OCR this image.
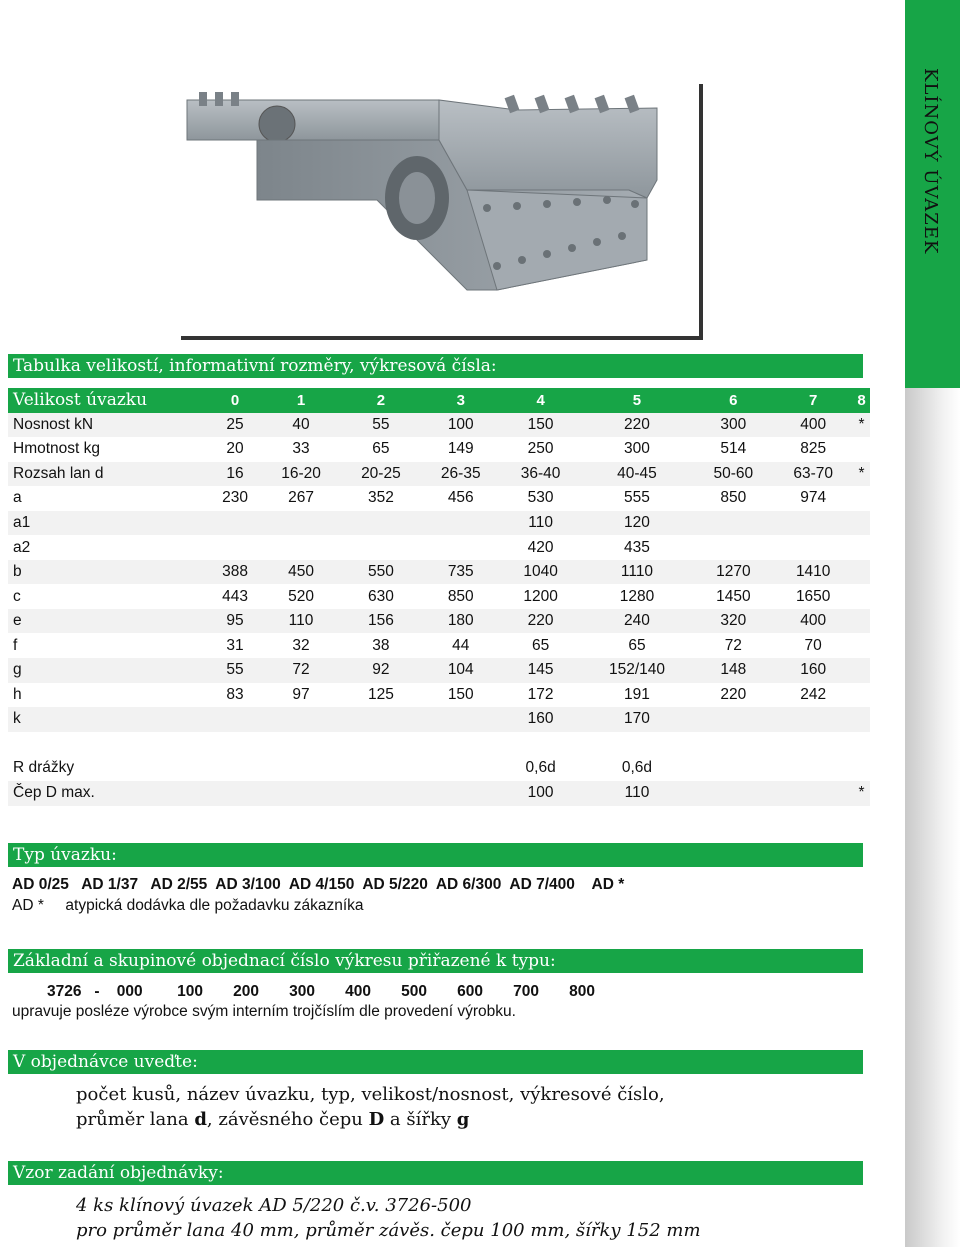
KLÍNOVÝ ÚVAZEK
Tabulka velikostí, informativní rozměry, výkresová čísla:
Velikost úvazku	0	1	2	3	4	5	6	7	8
Nosnost kN	25	40	55	100	150	220	300	400	*
Hmotnost kg	20	33	65	149	250	300	514	825	
Rozsah lan d	16	16-20	20-25	26-35	36-40	40-45	50-60	63-70	*
a	230	267	352	456	530	555	850	974	
a1					110	120			
a2					420	435			
b	388	450	550	735	1040	1110	1270	1410	
c	443	520	630	850	1200	1280	1450	1650	
e	95	110	156	180	220	240	320	400	
f	31	32	38	44	65	65	72	70	
g	55	72	92	104	145	152/140	148	160	
h	83	97	125	150	172	191	220	242	
k					160	170			

R drážky					0,6d	0,6d			
Čep D max.					100	110			*
Typ úvazku:
AD 0/25   AD 1/37   AD 2/55  AD 3/100  AD 4/150  AD 5/220  AD 6/300  AD 7/400    AD *
AD *     atypická dodávka dle požadavku zákazníka
Základní a skupinové objednací číslo výkresu přiřazené k typu:
3726   -    000        100       200       300       400       500       600       700       800
upravuje posléze výrobce svým interním trojčíslím dle provedení výrobku.
V objednávce uveďte:
počet kusů, název úvazku, typ, velikost/nosnost, výkresové číslo,
průměr lana d, závěsného čepu D a šířky g
Vzor zadání objednávky:
4 ks klínový úvazek AD 5/220 č.v. 3726-500
pro průměr lana 40 mm, průměr závěs. čepu 100 mm, šířky 152 mm
